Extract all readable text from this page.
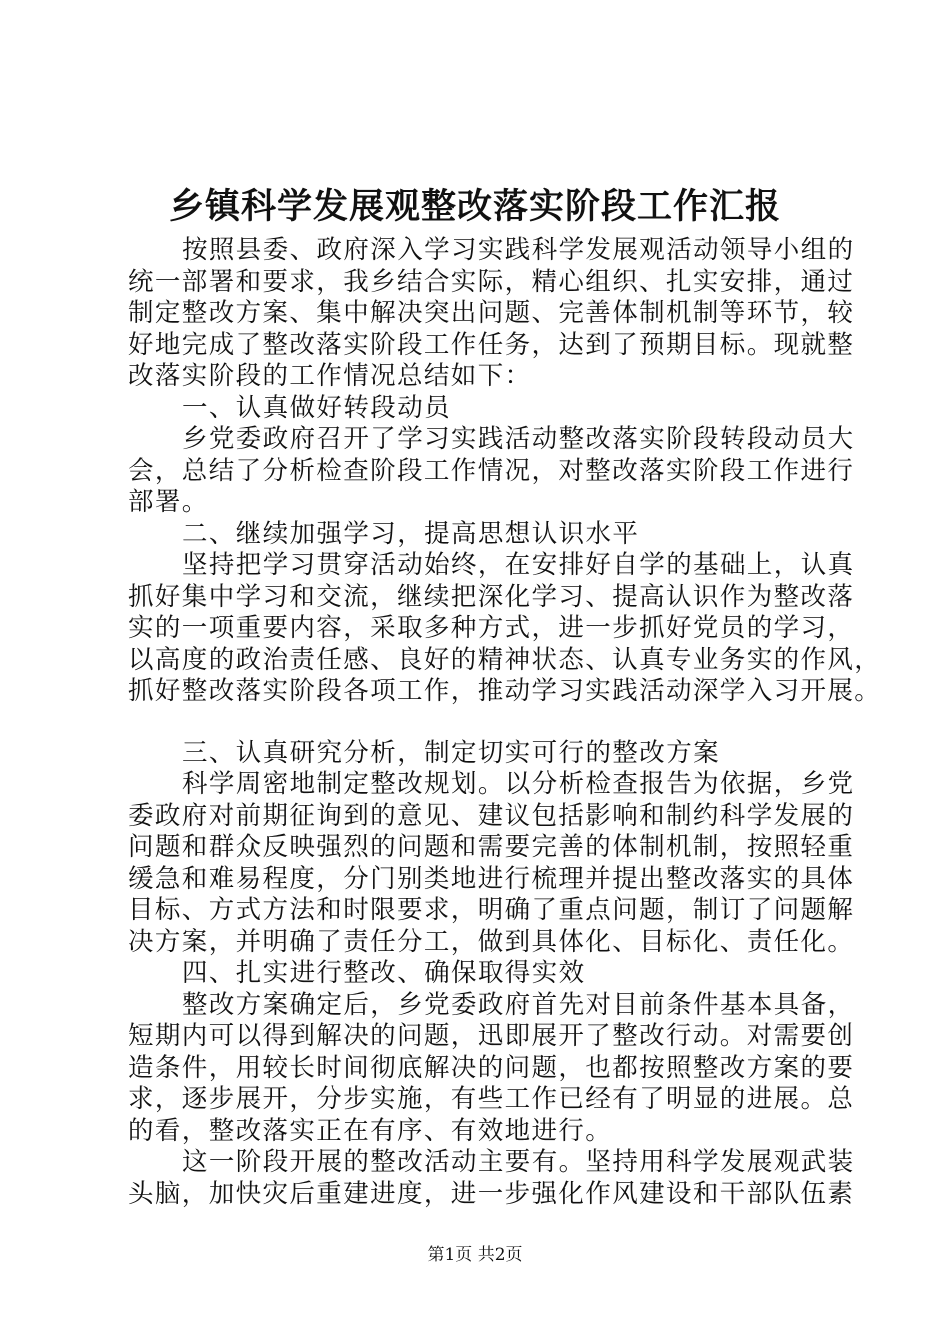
乡镇科学发展观整改落实阶段工作汇报
按照县委、政府深入学习实践科学发展观活动领导小组的
统一部署和要求，我乡结合实际，精心组织、扎实安排，通过
制定整改方案、集中解决突出问题、完善体制机制等环节，较
好地完成了整改落实阶段工作任务，达到了预期目标。现就整
改落实阶段的工作情况总结如下：
一、认真做好转段动员
乡党委政府召开了学习实践活动整改落实阶段转段动员大
会，总结了分析检查阶段工作情况，对整改落实阶段工作进行
部署。
二、继续加强学习，提高思想认识水平
坚持把学习贯穿活动始终，在安排好自学的基础上，认真
抓好集中学习和交流，继续把深化学习、提高认识作为整改落
实的一项重要内容，采取多种方式，进一步抓好党员的学习，
以高度的政治责任感、良好的精神状态、认真专业务实的作风，
抓好整改落实阶段各项工作，推动学习实践活动深学入习开展。
三、认真研究分析，制定切实可行的整改方案
科学周密地制定整改规划。以分析检查报告为依据，乡党
委政府对前期征询到的意见、建议包括影响和制约科学发展的
问题和群众反映强烈的问题和需要完善的体制机制，按照轻重
缓急和难易程度，分门别类地进行梳理并提出整改落实的具体
目标、方式方法和时限要求，明确了重点问题，制订了问题解
决方案，并明确了责任分工，做到具体化、目标化、责任化。
四、扎实进行整改、确保取得实效
整改方案确定后，乡党委政府首先对目前条件基本具备，
短期内可以得到解决的问题，迅即展开了整改行动。对需要创
造条件，用较长时间彻底解决的问题，也都按照整改方案的要
求，逐步展开，分步实施，有些工作已经有了明显的进展。总
的看，整改落实正在有序、有效地进行。
这一阶段开展的整改活动主要有。坚持用科学发展观武装
头脑，加快灾后重建进度，进一步强化作风建设和干部队伍素
第1页 共2页
